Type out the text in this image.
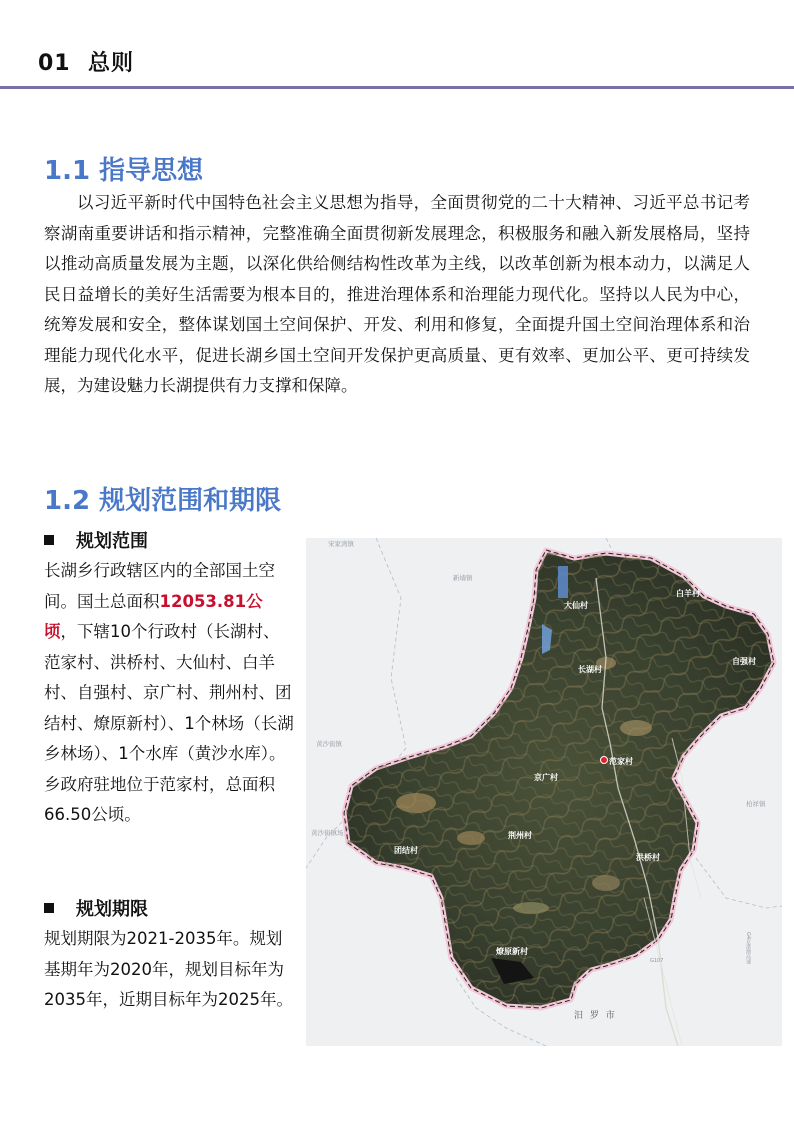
01 总则
1.1 指导思想

以习近平新时代中国特色社会主义思想为指导，全面贯彻党的二十大精神、习近平总书记考察湖南重要讲话和指示精神，完整准确全面贯彻新发展理念，积极服务和融入新发展格局，坚持以推动高质量发展为主题，以深化供给侧结构性改革为主线，以改革创新为根本动力，以满足人民日益增长的美好生活需要为根本目的，推进治理体系和治理能力现代化。坚持以人民为中心，统筹发展和安全，整体谋划国土空间保护、开发、利用和修复，全面提升国土空间治理体系和治理能力现代化水平，促进长湖乡国土空间开发保护更高质量、更有效率、更加公平、更可持续发展，为建设魅力长湖提供有力支撑和保障。

1.2 规划范围和期限
规划范围

长湖乡行政辖区内的全部国土空间。国土总面积12053.81公顷，下辖10个行政村（长湖村、范家村、洪桥村、大仙村、白羊村、自强村、京广村、荆州村、团结村、燎原新村）、1个林场（长湖乡林场）、1个水库（黄沙水库）。乡政府驻地位于范家村，总面积66.50公顷。

规划期限

规划期限为2021-2035年。规划基期年为2020年，规划目标年为2035年，近期目标年为2025年。

宋家湾镇
新墙镇
黄沙街镇
黄沙街镇场
柏祥镇
汨 罗 市
G107	G4京港澳高速
大仙村
白羊村
自强村
长湖村
范家村
京广村
荆州村
团结村
洪桥村
燎原新村
